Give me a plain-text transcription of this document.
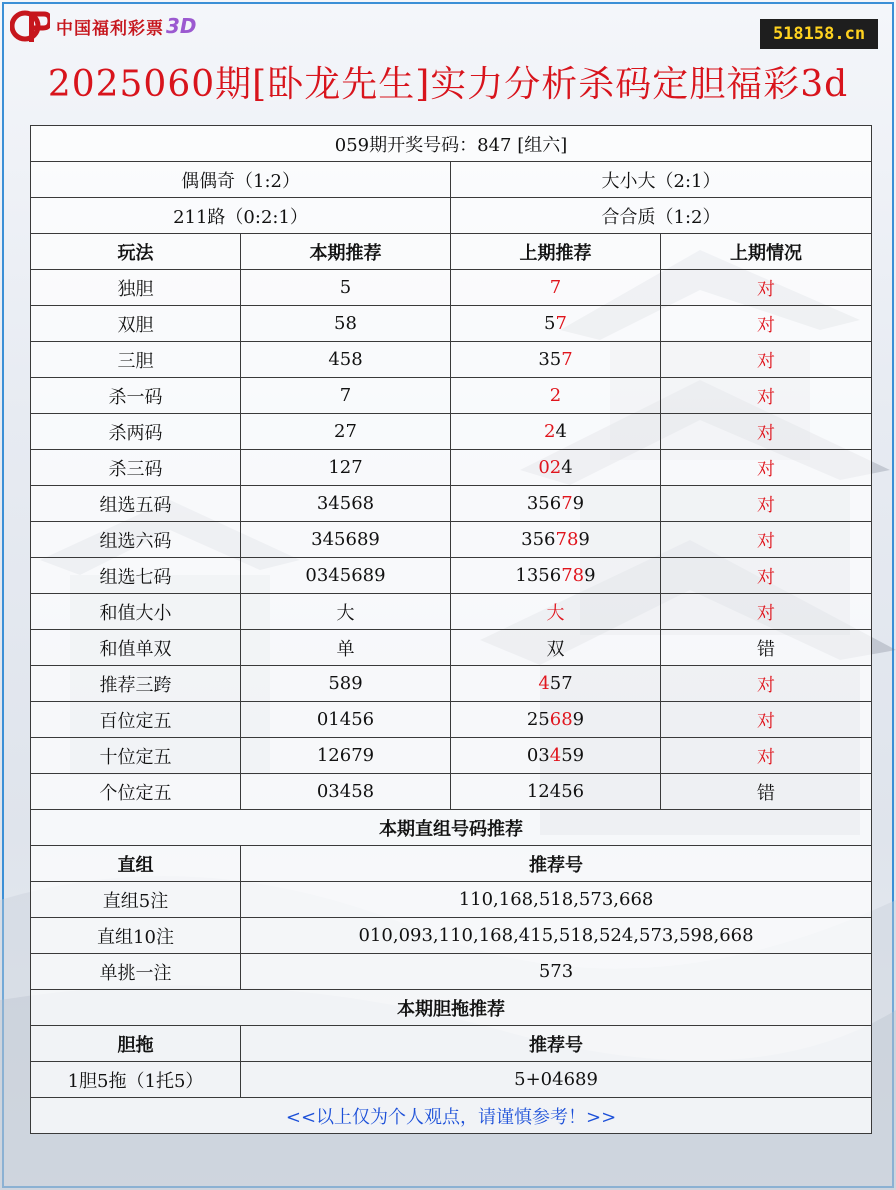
中国福利彩票 3D	518158.cn
2025060期[卧龙先生]实力分析杀码定胆福彩3d
059期开奖号码：847 [组六]			
偶偶奇（1:2）		大小大（2:1）	
211路（0:2:1）		合合质（1:2）	
玩法	本期推荐	上期推荐	上期情况
独胆	5	7	对
双胆	58	57	对
三胆	458	357	对
杀一码	7	2	对
杀两码	27	24	对
杀三码	127	024	对
组选五码	34568	35679	对
组选六码	345689	356789	对
组选七码	0345689	1356789	对
和值大小	大	大	对
和值单双	单	双	错
推荐三跨	589	457	对
百位定五	01456	25689	对
十位定五	12679	03459	对
个位定五	03458	12456	错
本期直组号码推荐			
直组	推荐号		
直组5注	110,168,518,573,668		
直组10注	010,093,110,168,415,518,524,573,598,668		
单挑一注	573		
本期胆拖推荐			
胆拖	推荐号		
1胆5拖（1托5）	5+04689		
<<以上仅为个人观点，请谨慎参考！>>			
